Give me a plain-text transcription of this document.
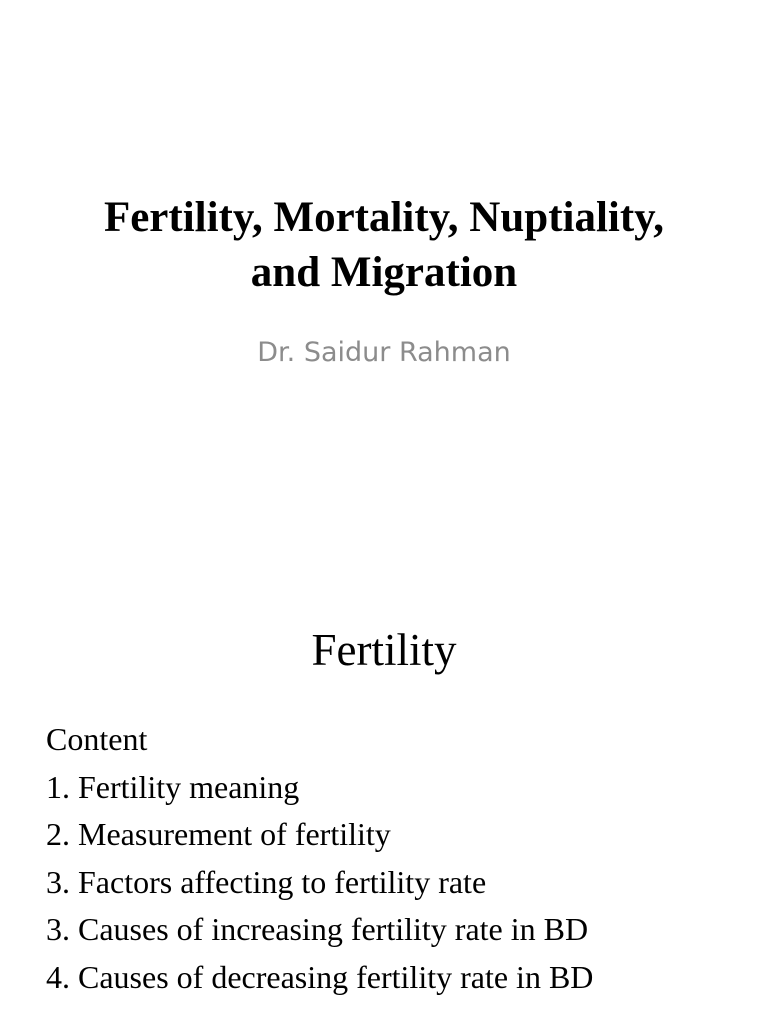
Fertility, Mortality, Nuptiality,
and Migration

Dr. Saidur Rahman

Fertility
Content
1. Fertility meaning
2. Measurement of fertility
3. Factors affecting to fertility rate
3. Causes of increasing fertility rate in BD
4. Causes of decreasing fertility rate in BD
